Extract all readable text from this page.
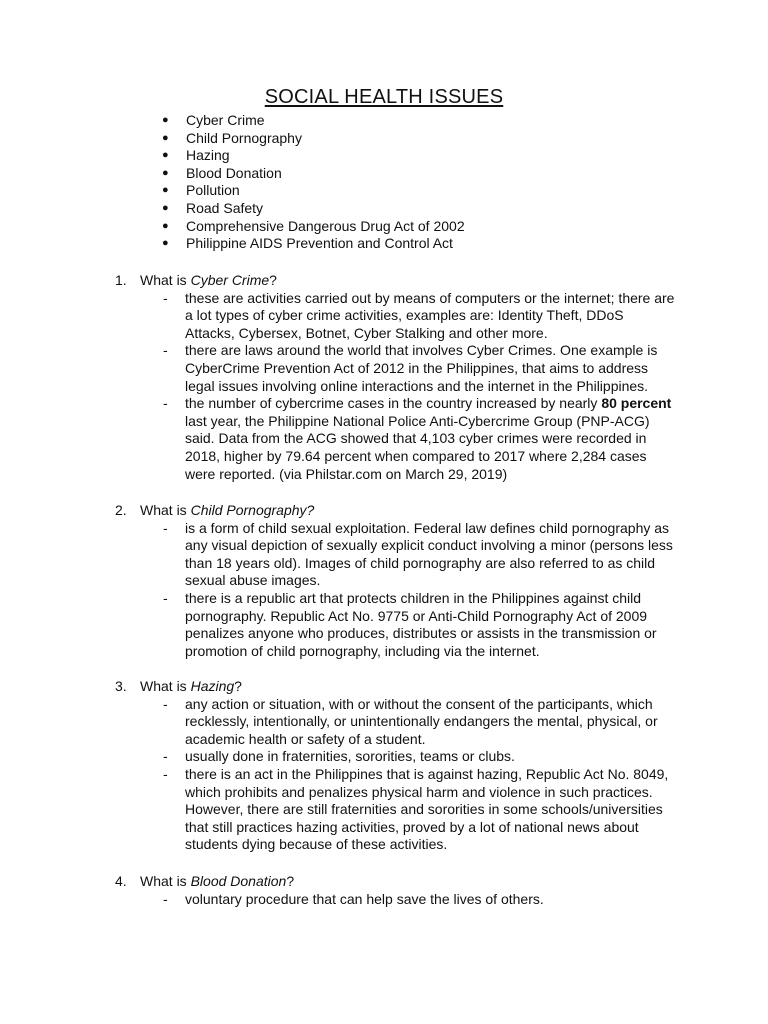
SOCIAL HEALTH ISSUES
● Cyber Crime
● Child Pornography
● Hazing
● Blood Donation
● Pollution
● Road Safety
● Comprehensive Dangerous Drug Act of 2002
● Philippine AIDS Prevention and Control Act
1. What is Cyber Crime?
- these are activities carried out by means of computers or the internet; there are a lot types of cyber crime activities, examples are: Identity Theft, DDoS Attacks, Cybersex, Botnet, Cyber Stalking and other more.
- there are laws around the world that involves Cyber Crimes. One example is CyberCrime Prevention Act of 2012 in the Philippines, that aims to address legal issues involving online interactions and the internet in the Philippines.
- the number of cybercrime cases in the country increased by nearly 80 percent last year, the Philippine National Police Anti-Cybercrime Group (PNP-ACG) said. Data from the ACG showed that 4,103 cyber crimes were recorded in 2018, higher by 79.64 percent when compared to 2017 where 2,284 cases were reported. (via Philstar.com on March 29, 2019)
2. What is Child Pornography?
- is a form of child sexual exploitation. Federal law defines child pornography as any visual depiction of sexually explicit conduct involving a minor (persons less than 18 years old). Images of child pornography are also referred to as child sexual abuse images.
- there is a republic art that protects children in the Philippines against child pornography. Republic Act No. 9775 or Anti-Child Pornography Act of 2009 penalizes anyone who produces, distributes or assists in the transmission or promotion of child pornography, including via the internet.
3. What is Hazing?
- any action or situation, with or without the consent of the participants, which recklessly, intentionally, or unintentionally endangers the mental, physical, or academic health or safety of a student.
- usually done in fraternities, sororities, teams or clubs.
- there is an act in the Philippines that is against hazing, Republic Act No. 8049, which prohibits and penalizes physical harm and violence in such practices. However, there are still fraternities and sororities in some schools/universities that still practices hazing activities, proved by a lot of national news about students dying because of these activities.
4. What is Blood Donation?
- voluntary procedure that can help save the lives of others.
